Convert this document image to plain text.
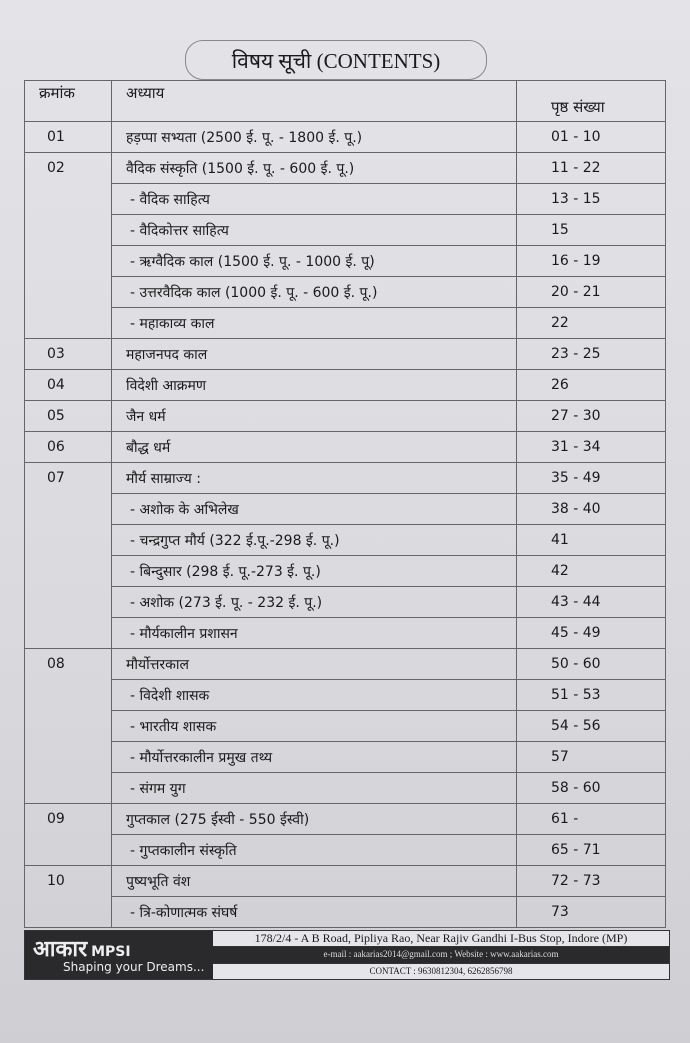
विषय सूची (CONTENTS)
क्रमांक	अध्याय	पृष्ठ संख्या
01	हड़प्पा सभ्यता (2500 ई. पू. - 1800 ई. पू.)	01 - 10
02	वैदिक संस्कृति (1500 ई. पू. - 600 ई. पू.)	11 - 22
	- वैदिक साहित्य	13 - 15
	- वैदिकोत्तर साहित्य	15
	- ऋग्वैदिक काल (1500 ई. पू. - 1000 ई. पू)	16 - 19
	- उत्तरवैदिक काल (1000 ई. पू. - 600 ई. पू.)	20 - 21
	- महाकाव्य काल	22
03	महाजनपद काल	23 - 25
04	विदेशी आक्रमण	26
05	जैन धर्म	27 - 30
06	बौद्ध धर्म	31 - 34
07	मौर्य साम्राज्य :	35 - 49
	- अशोक के अभिलेख	38 - 40
	- चन्द्रगुप्त मौर्य (322 ई.पू.-298 ई. पू.)	41
	- बिन्दुसार (298 ई. पू.-273 ई. पू.)	42
	- अशोक (273 ई. पू. - 232 ई. पू.)	43 - 44
	- मौर्यकालीन प्रशासन	45 - 49
08	मौर्योत्तरकाल	50 - 60
	- विदेशी शासक	51 - 53
	- भारतीय शासक	54 - 56
	- मौर्योत्तरकालीन प्रमुख तथ्य	57
	- संगम युग	58 - 60
09	गुप्तकाल (275 ईस्वी - 550 ईस्वी)	61 -
	- गुप्तकालीन संस्कृति	65 - 71
10	पुष्यभूति वंश	72 - 73
	- त्रि-कोणात्मक संघर्ष	73
आकार MPSI
Shaping your Dreams...
178/2/4 - A B Road, Pipliya Rao, Near Rajiv Gandhi I-Bus Stop, Indore (MP)
e-mail : aakarias2014@gmail.com ; Website : www.aakarias.com
CONTACT : 9630812304, 6262856798
